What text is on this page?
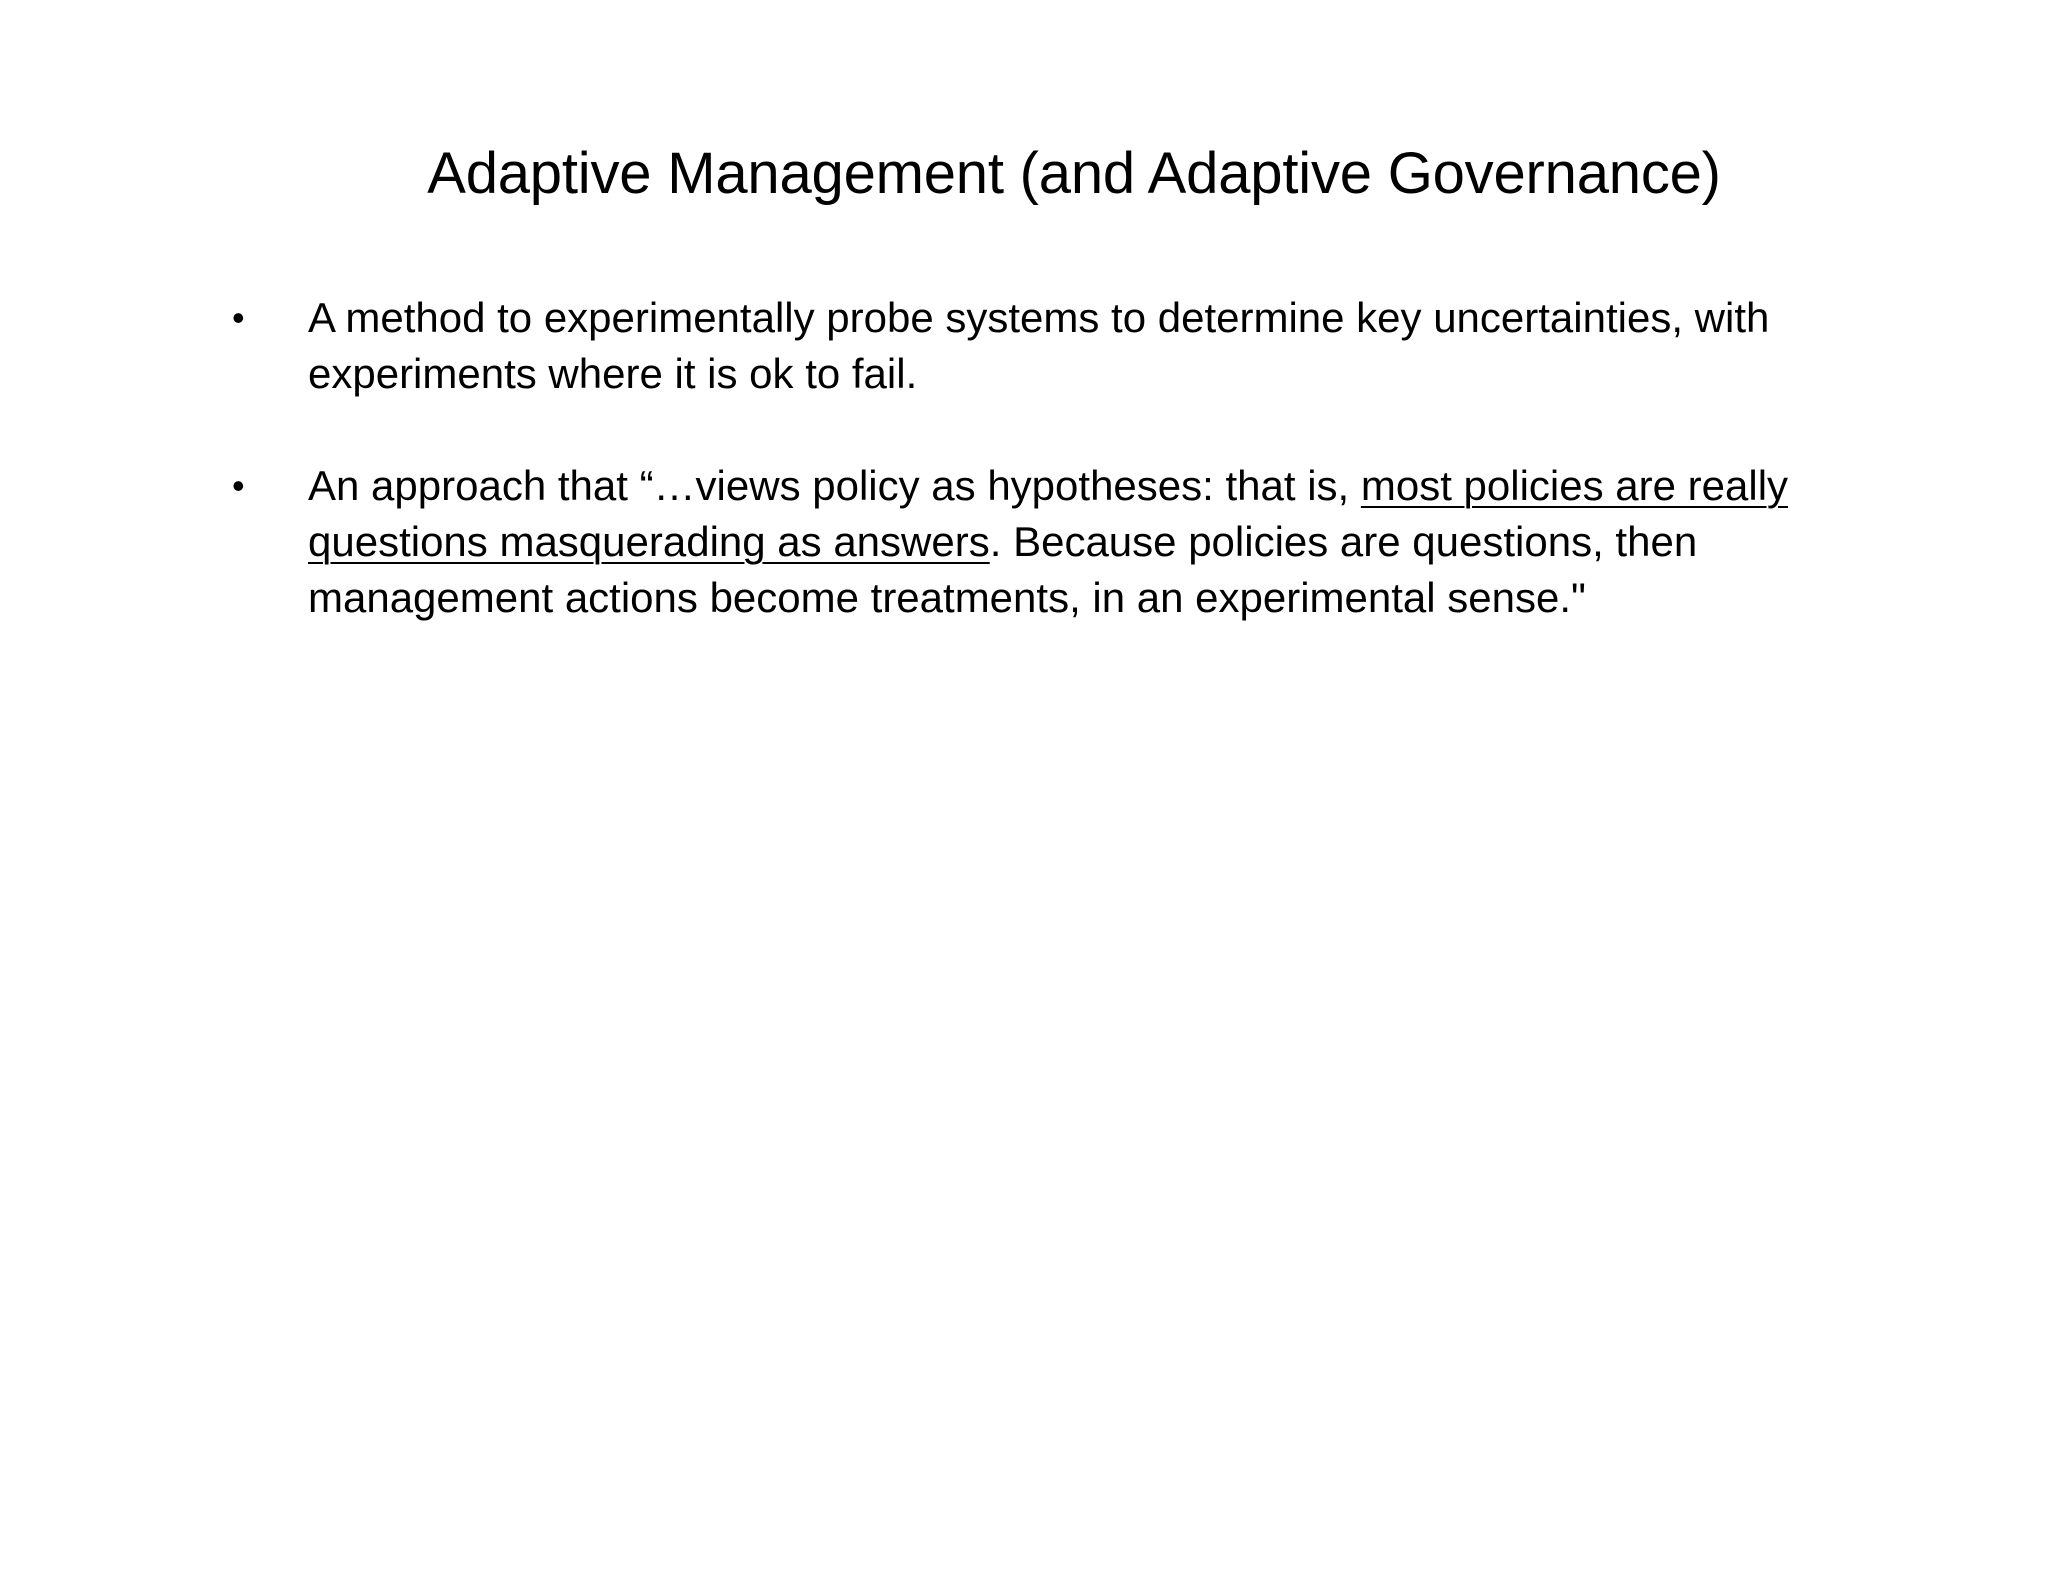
Adaptive Management (and Adaptive Governance)
•	A method to experimentally probe systems to determine key uncertainties, with experiments where it is ok to fail.
•	An approach that “…views policy as hypotheses: that is, most policies are really questions masquerading as answers. Because policies are questions, then management actions become treatments, in an experimental sense."
